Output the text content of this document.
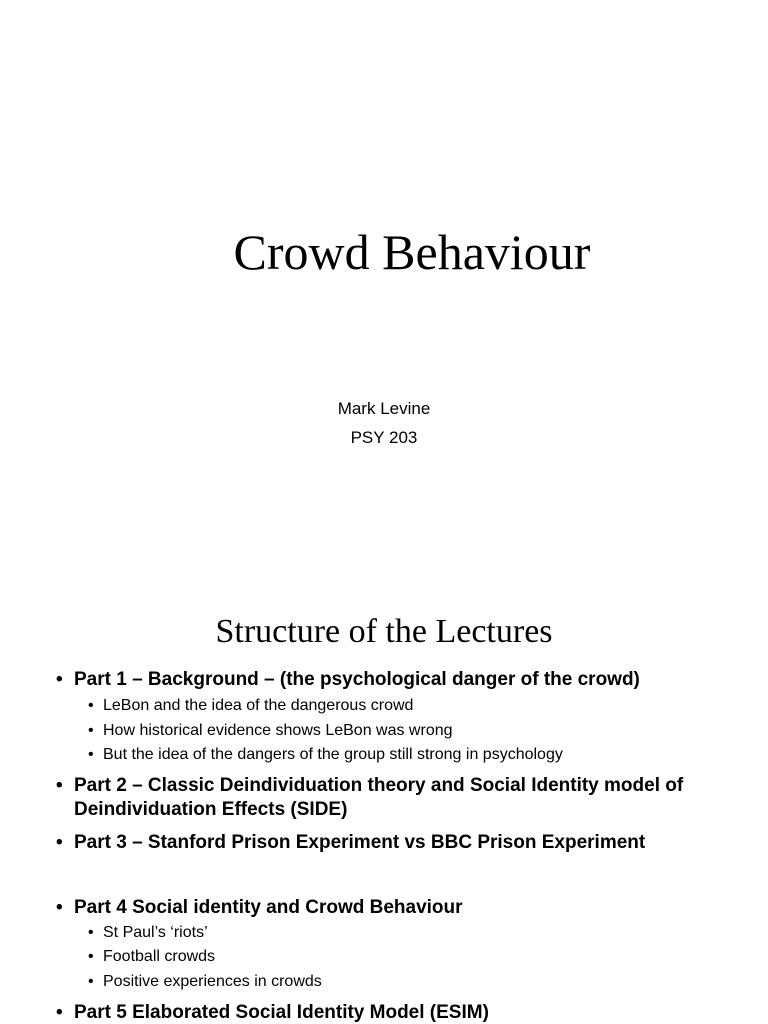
Crowd Behaviour
Mark Levine
PSY 203
Structure of the Lectures
• Part 1 – Background – (the psychological danger of the crowd)
• LeBon and the idea of the dangerous crowd
• How historical evidence shows LeBon was wrong
• But the idea of the dangers of the group still strong in psychology
• Part 2 – Classic Deindividuation theory and Social Identity model of
Deindividuation Effects (SIDE)
• Part 3 – Stanford Prison Experiment vs BBC Prison Experiment
• Part 4 Social identity and Crowd Behaviour
• St Paul’s ‘riots’
• Football crowds
• Positive experiences in crowds
• Part 5 Elaborated Social Identity Model (ESIM)
